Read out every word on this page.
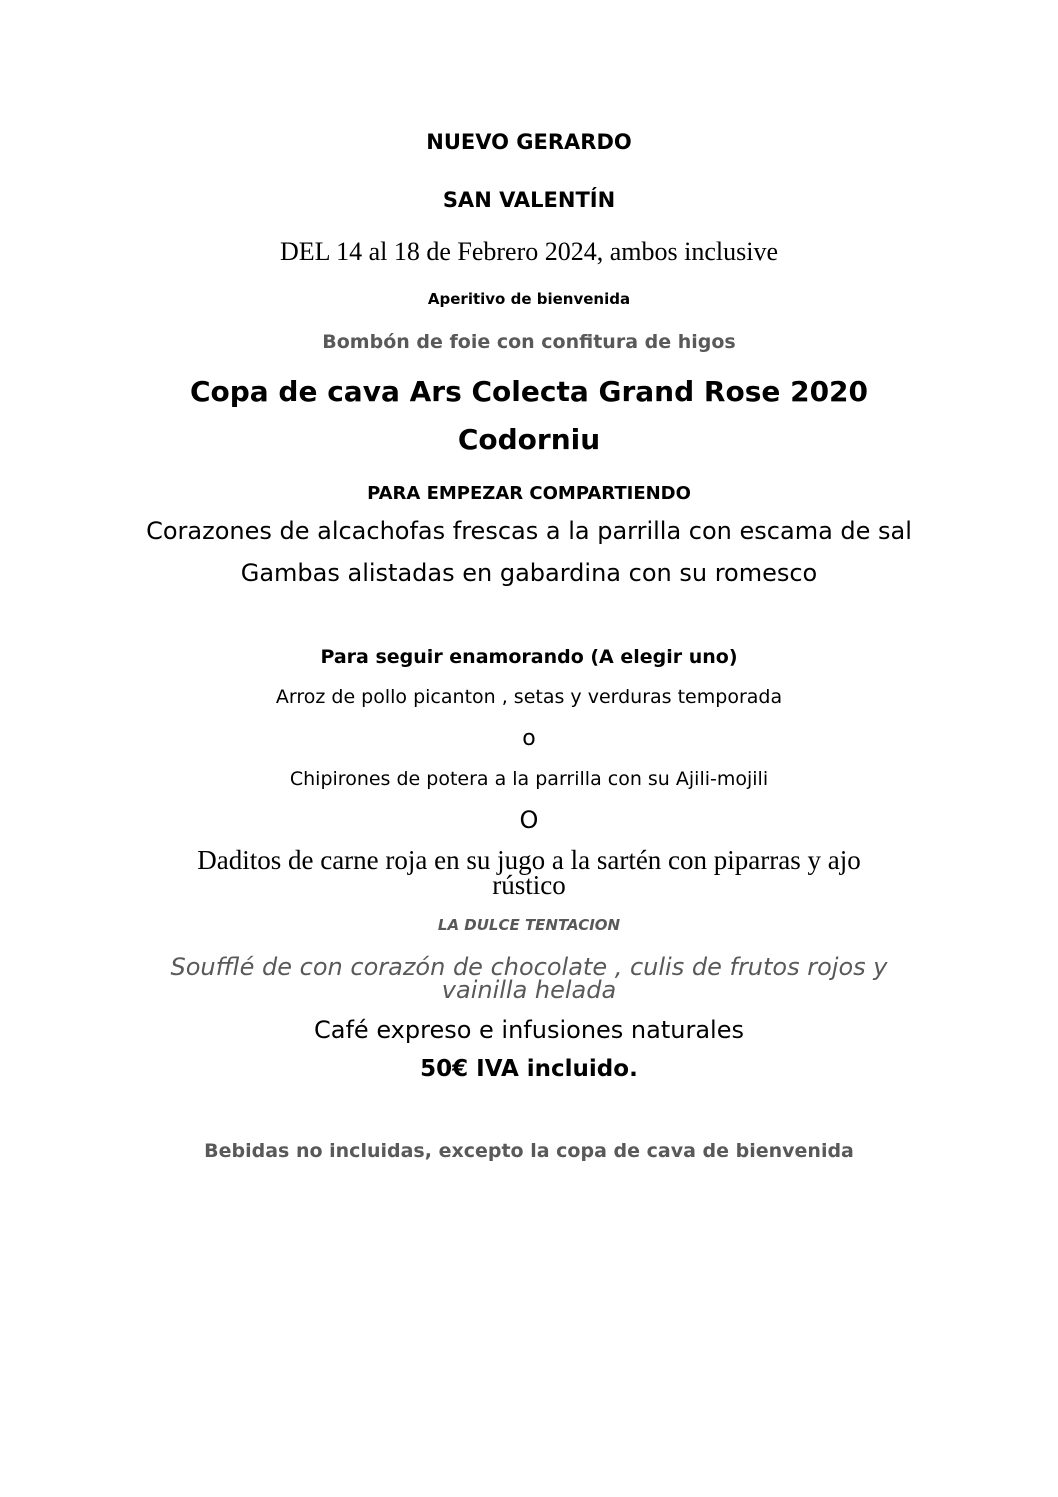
NUEVO GERARDO
SAN VALENTÍN
DEL 14 al 18 de Febrero 2024, ambos inclusive
Aperitivo de bienvenida
Bombón de foie con confitura de higos
Copa de cava Ars Colecta Grand Rose 2020
Codorniu
PARA EMPEZAR COMPARTIENDO
Corazones de alcachofas frescas a la parrilla con escama de sal
Gambas alistadas en gabardina con su romesco
Para seguir enamorando (A elegir uno)
Arroz de pollo picanton , setas y verduras temporada
o
Chipirones de potera a la parrilla con su Ajili-mojili
O
Daditos de carne roja en su jugo a la sartén con piparras y ajo
rústico
LA DULCE TENTACION
Soufflé de con corazón de chocolate , culis de frutos rojos y
vainilla helada
Café expreso e infusiones naturales
50€ IVA incluido.
Bebidas no incluidas, excepto la copa de cava de bienvenida
